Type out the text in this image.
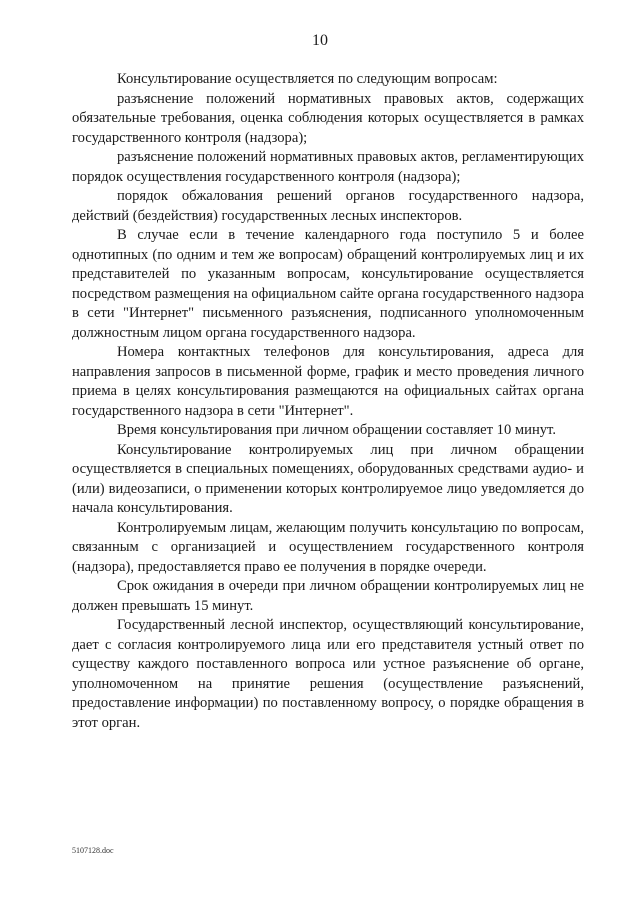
10

Консультирование осуществляется по следующим вопросам:

разъяснение положений нормативных правовых актов, содержащих обязательные требования, оценка соблюдения которых осуществляется в рамках государственного контроля (надзора);

разъяснение положений нормативных правовых актов, регламентирующих порядок осуществления государственного контроля (надзора);

порядок обжалования решений органов государственного надзора, действий (бездействия) государственных лесных инспекторов.

В случае если в течение календарного года поступило 5 и более однотипных (по одним и тем же вопросам) обращений контролируемых лиц и их представителей по указанным вопросам, консультирование осуществляется посредством размещения на официальном сайте органа государственного надзора в сети "Интернет" письменного разъяснения, подписанного уполномоченным должностным лицом органа государственного надзора.

Номера контактных телефонов для консультирования, адреса для направления запросов в письменной форме, график и место проведения личного приема в целях консультирования размещаются на официальных сайтах органа государственного надзора в сети "Интернет".

Время консультирования при личном обращении составляет 10 минут.

Консультирование контролируемых лиц при личном обращении осуществляется в специальных помещениях, оборудованных средствами аудио- и (или) видеозаписи, о применении которых контролируемое лицо уведомляется до начала консультирования.

Контролируемым лицам, желающим получить консультацию по вопросам, связанным с организацией и осуществлением государственного контроля (надзора), предоставляется право ее получения в порядке очереди.

Срок ожидания в очереди при личном обращении контролируемых лиц не должен превышать 15 минут.

Государственный лесной инспектор, осуществляющий консультирование, дает с согласия контролируемого лица или его представителя устный ответ по существу каждого поставленного вопроса или устное разъяснение об органе, уполномоченном на принятие решения (осуществление разъяснений, предоставление информации) по поставленному вопросу, о порядке обращения в этот орган.

5107128.doc
